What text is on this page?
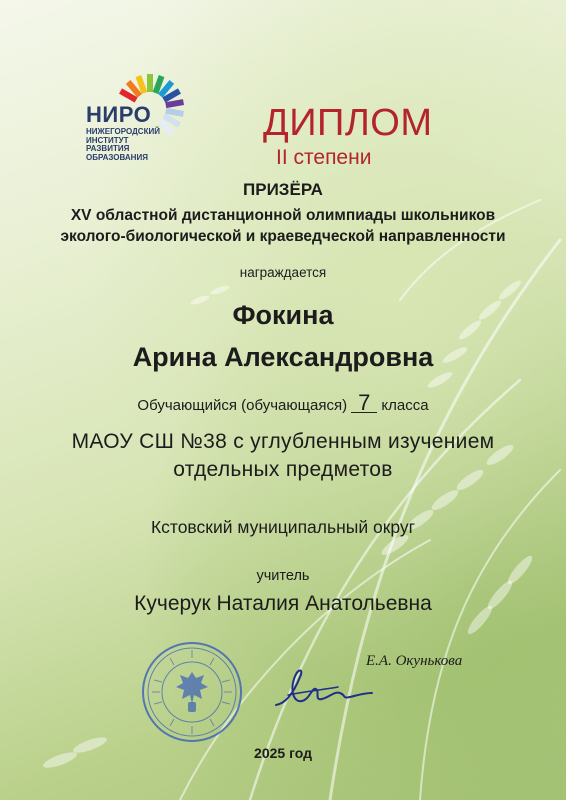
НИРО
НИЖЕГОРОДСКИЙ
ИНСТИТУТ
РАЗВИТИЯ
ОБРАЗОВАНИЯ
ДИПЛОМ
II степени
ПРИЗЁРА
XV областной дистанционной олимпиады школьников
эколого-биологической и краеведческой направленности
награждается
Фокина
Арина Александровна
Обучающийся (обучающаяся) 7 класса
МАОУ СШ №38 с углубленным изучением
отдельных предметов
Кстовский муниципальный округ
учитель
Кучерук Наталия Анатольевна
Е.А. Окунькова
2025 год
